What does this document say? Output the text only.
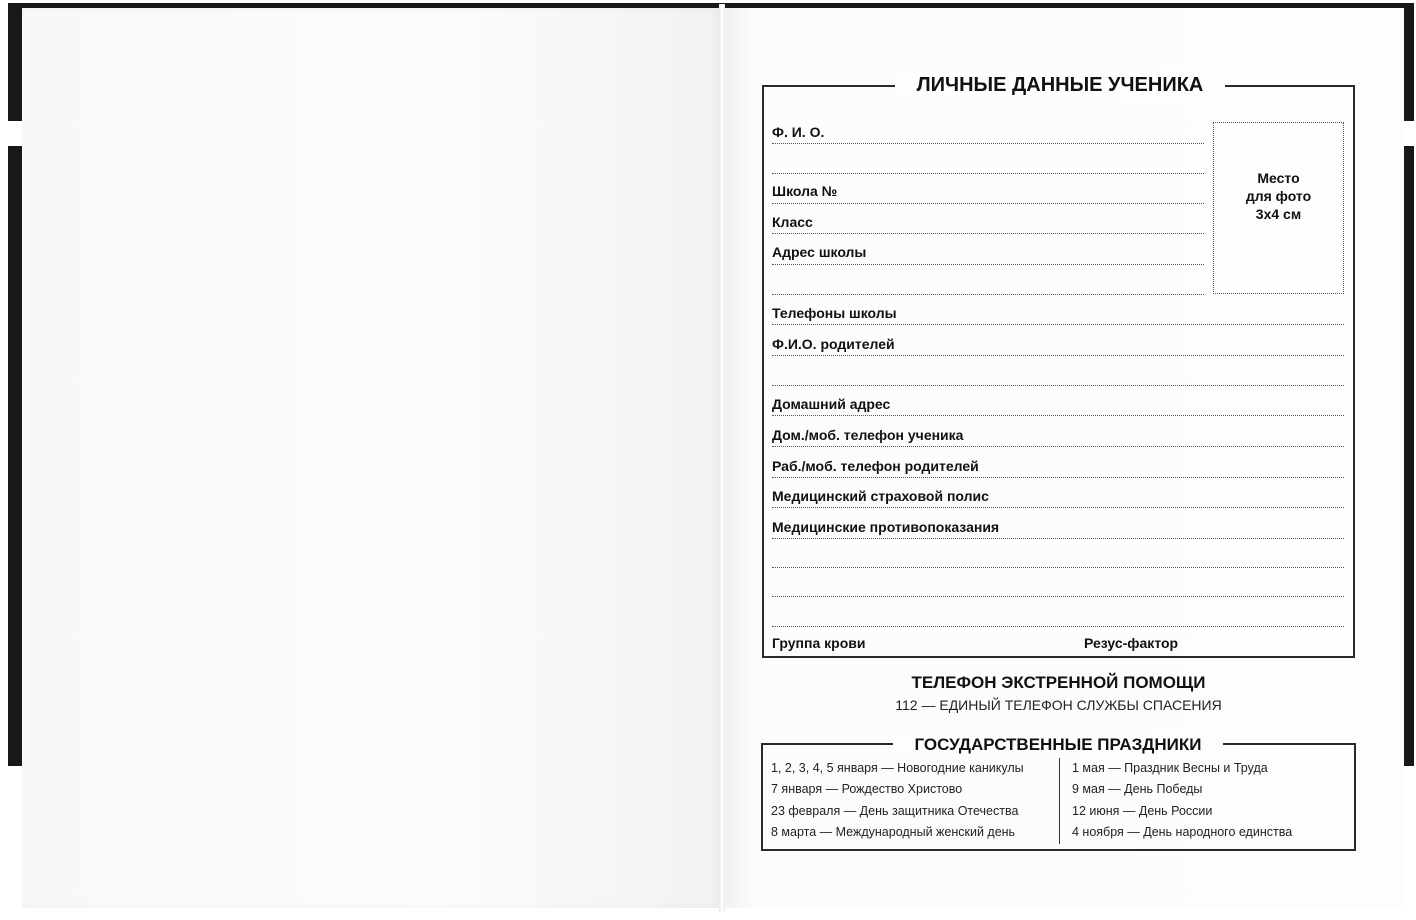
ЛИЧНЫЕ ДАННЫЕ УЧЕНИКА
Ф. И. О.
Школа №
Класс
Адрес школы
Место
для фото
3х4 см
Телефоны школы
Ф.И.О. родителей
Домашний адрес
Дом./моб. телефон ученика
Раб./моб. телефон родителей
Медицинский страховой полис
Медицинские противопоказания
Группа крови	Резус-фактор
ТЕЛЕФОН ЭКСТРЕННОЙ ПОМОЩИ
112 — ЕДИНЫЙ ТЕЛЕФОН СЛУЖБЫ СПАСЕНИЯ
ГОСУДАРСТВЕННЫЕ ПРАЗДНИКИ
1, 2, 3, 4, 5 января — Новогодние каникулы
7 января — Рождество Христово
23 февраля — День защитника Отечества
8 марта — Международный женский день
1 мая — Праздник Весны и Труда
9 мая — День Победы
12 июня — День России
4 ноября — День народного единства
